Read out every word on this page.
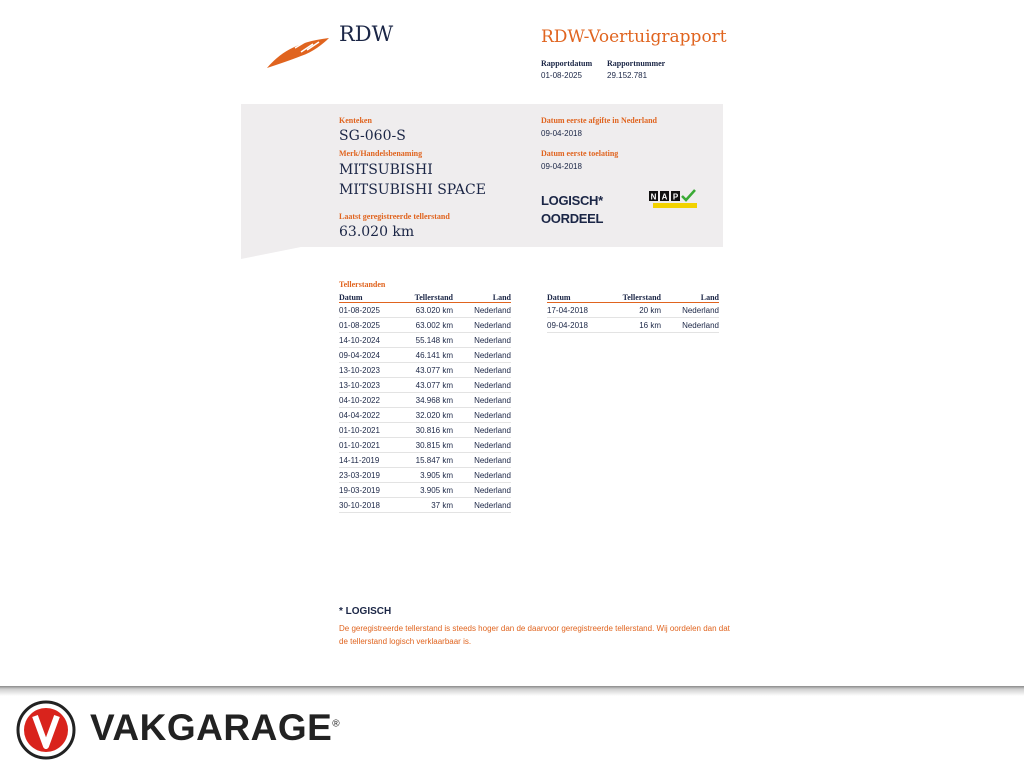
RDW	RDW-Voertuigrapport
Rapportdatum
01-08-2025
Rapportnummer
29.152.781
Kenteken
SG-060-S
Merk/Handelsbenaming
MITSUBISHI
MITSUBISHI SPACE
Laatst geregistreerde tellerstand
63.020 km
Datum eerste afgifte in Nederland
09-04-2018
Datum eerste toelating
09-04-2018
LOGISCH*
OORDEEL
N A P
Tellerstanden
Datum	Tellerstand	Land
01-08-2025	63.020 km	Nederland
01-08-2025	63.002 km	Nederland
14-10-2024	55.148 km	Nederland
09-04-2024	46.141 km	Nederland
13-10-2023	43.077 km	Nederland
13-10-2023	43.077 km	Nederland
04-10-2022	34.968 km	Nederland
04-04-2022	32.020 km	Nederland
01-10-2021	30.816 km	Nederland
01-10-2021	30.815 km	Nederland
14-11-2019	15.847 km	Nederland
23-03-2019	3.905 km	Nederland
19-03-2019	3.905 km	Nederland
30-10-2018	37 km	Nederland
Datum	Tellerstand	Land
17-04-2018	20 km	Nederland
09-04-2018	16 km	Nederland
* LOGISCH
De geregistreerde tellerstand is steeds hoger dan de daarvoor geregistreerde tellerstand. Wij oordelen dan dat de tellerstand logisch verklaarbaar is.
VAKGARAGE®
